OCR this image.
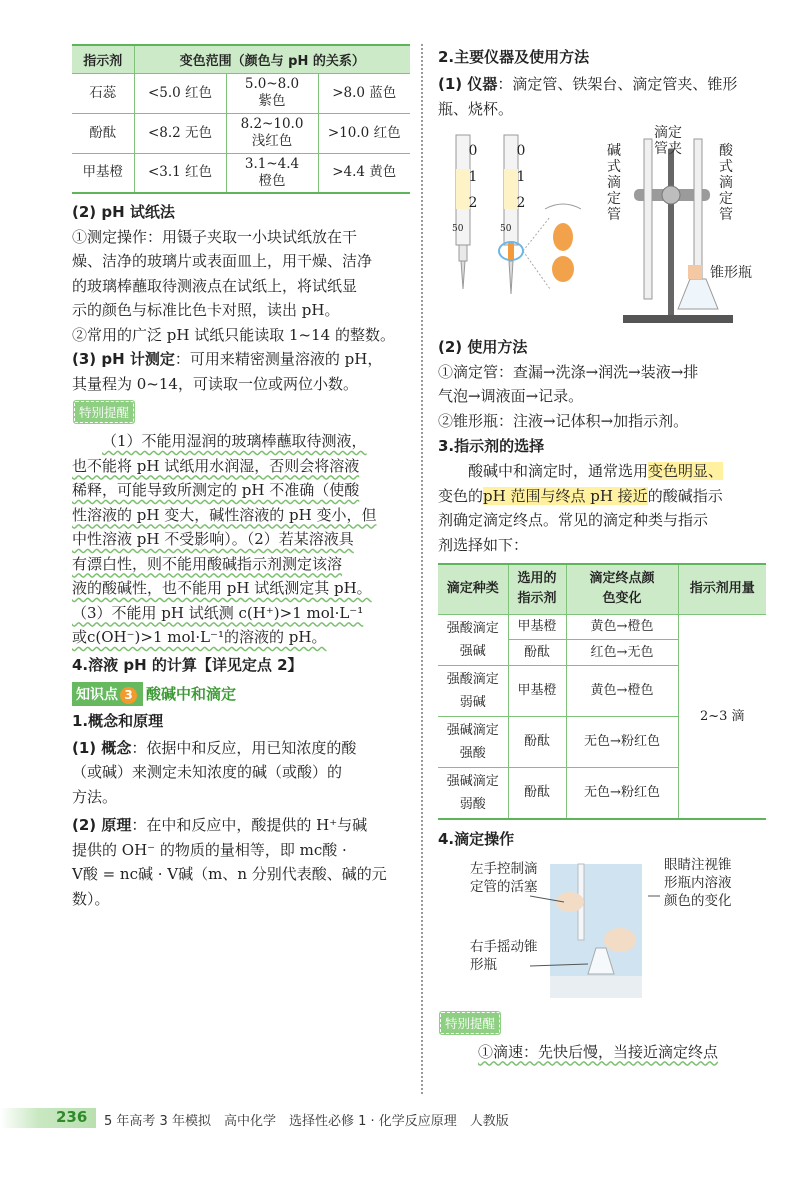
指示剂	变色范围（颜色与 pH 的关系）		
石蕊	<5.0 红色	5.0~8.0 紫色	>8.0 蓝色
酚酞	<8.2 无色	8.2~10.0 浅红色	>10.0 红色
甲基橙	<3.1 红色	3.1~4.4 橙色	>4.4 黄色

(2) pH 试纸法

①测定操作：用镊子夹取一小块试纸放在干

燥、洁净的玻璃片或表面皿上，用干燥、洁净

的玻璃棒蘸取待测液点在试纸上，将试纸显

示的颜色与标准比色卡对照，读出 pH。

②常用的广泛 pH 试纸只能读取 1~14 的整数。

(3) pH 计测定：可用来精密测量溶液的 pH，

其量程为 0~14，可读取一位或两位小数。

特别提醒

（1）不能用湿润的玻璃棒蘸取待测液，

也不能将 pH 试纸用水润湿，否则会将溶液

稀释，可能导致所测定的 pH 不准确（使酸

性溶液的 pH 变大，碱性溶液的 pH 变小，但

中性溶液 pH 不受影响）。（2）若某溶液具

有漂白性，则不能用酸碱指示剂测定该溶

液的酸碱性，也不能用 pH 试纸测定其 pH。

（3）不能用 pH 试纸测 c(H⁺)>1 mol·L⁻¹

或c(OH⁻)>1 mol·L⁻¹的溶液的 pH。

4.溶液 pH 的计算【详见定点 2】

知识点 3 酸碱中和滴定

1.概念和原理

(1) 概念：依据中和反应，用已知浓度的酸

（或碱）来测定未知浓度的碱（或酸）的

方法。

(2) 原理：在中和反应中，酸提供的 H⁺与碱

提供的 OH⁻ 的物质的量相等，即 mc酸 ·

V酸 = nc碱 · V碱（m、n 分别代表酸、碱的元

数）。

2.主要仪器及使用方法

(1) 仪器：滴定管、铁架台、滴定管夹、锥形

瓶、烧杯。

0
1
2
0
1
2
50	50
碱式滴定管
滴定管夹	酸式滴定管
锥形瓶

(2) 使用方法

①滴定管：查漏→洗涤→润洗→装液→排

气泡→调液面→记录。

②锥形瓶：注液→记体积→加指示剂。

3.指示剂的选择

酸碱中和滴定时，通常选用变色明显、

变色的pH 范围与终点 pH 接近的酸碱指示

剂确定滴定终点。常见的滴定种类与指示

剂选择如下：

滴定种类	选用的指示剂	滴定终点颜色变化	指示剂用量
强酸滴定强碱	甲基橙	黄色→橙色	2~3 滴
	酚酞	红色→无色	
强酸滴定弱碱	甲基橙	黄色→橙色	
强碱滴定强酸	酚酞	无色→粉红色	
强碱滴定弱酸	酚酞	无色→粉红色	

4.滴定操作

左手控制滴定管的活塞
右手摇动锥形瓶
眼睛注视锥形瓶内溶液颜色的变化
特别提醒

①滴速：先快后慢，当接近滴定终点

236 5 年高考 3 年模拟　高中化学　选择性必修 1 · 化学反应原理　人教版
